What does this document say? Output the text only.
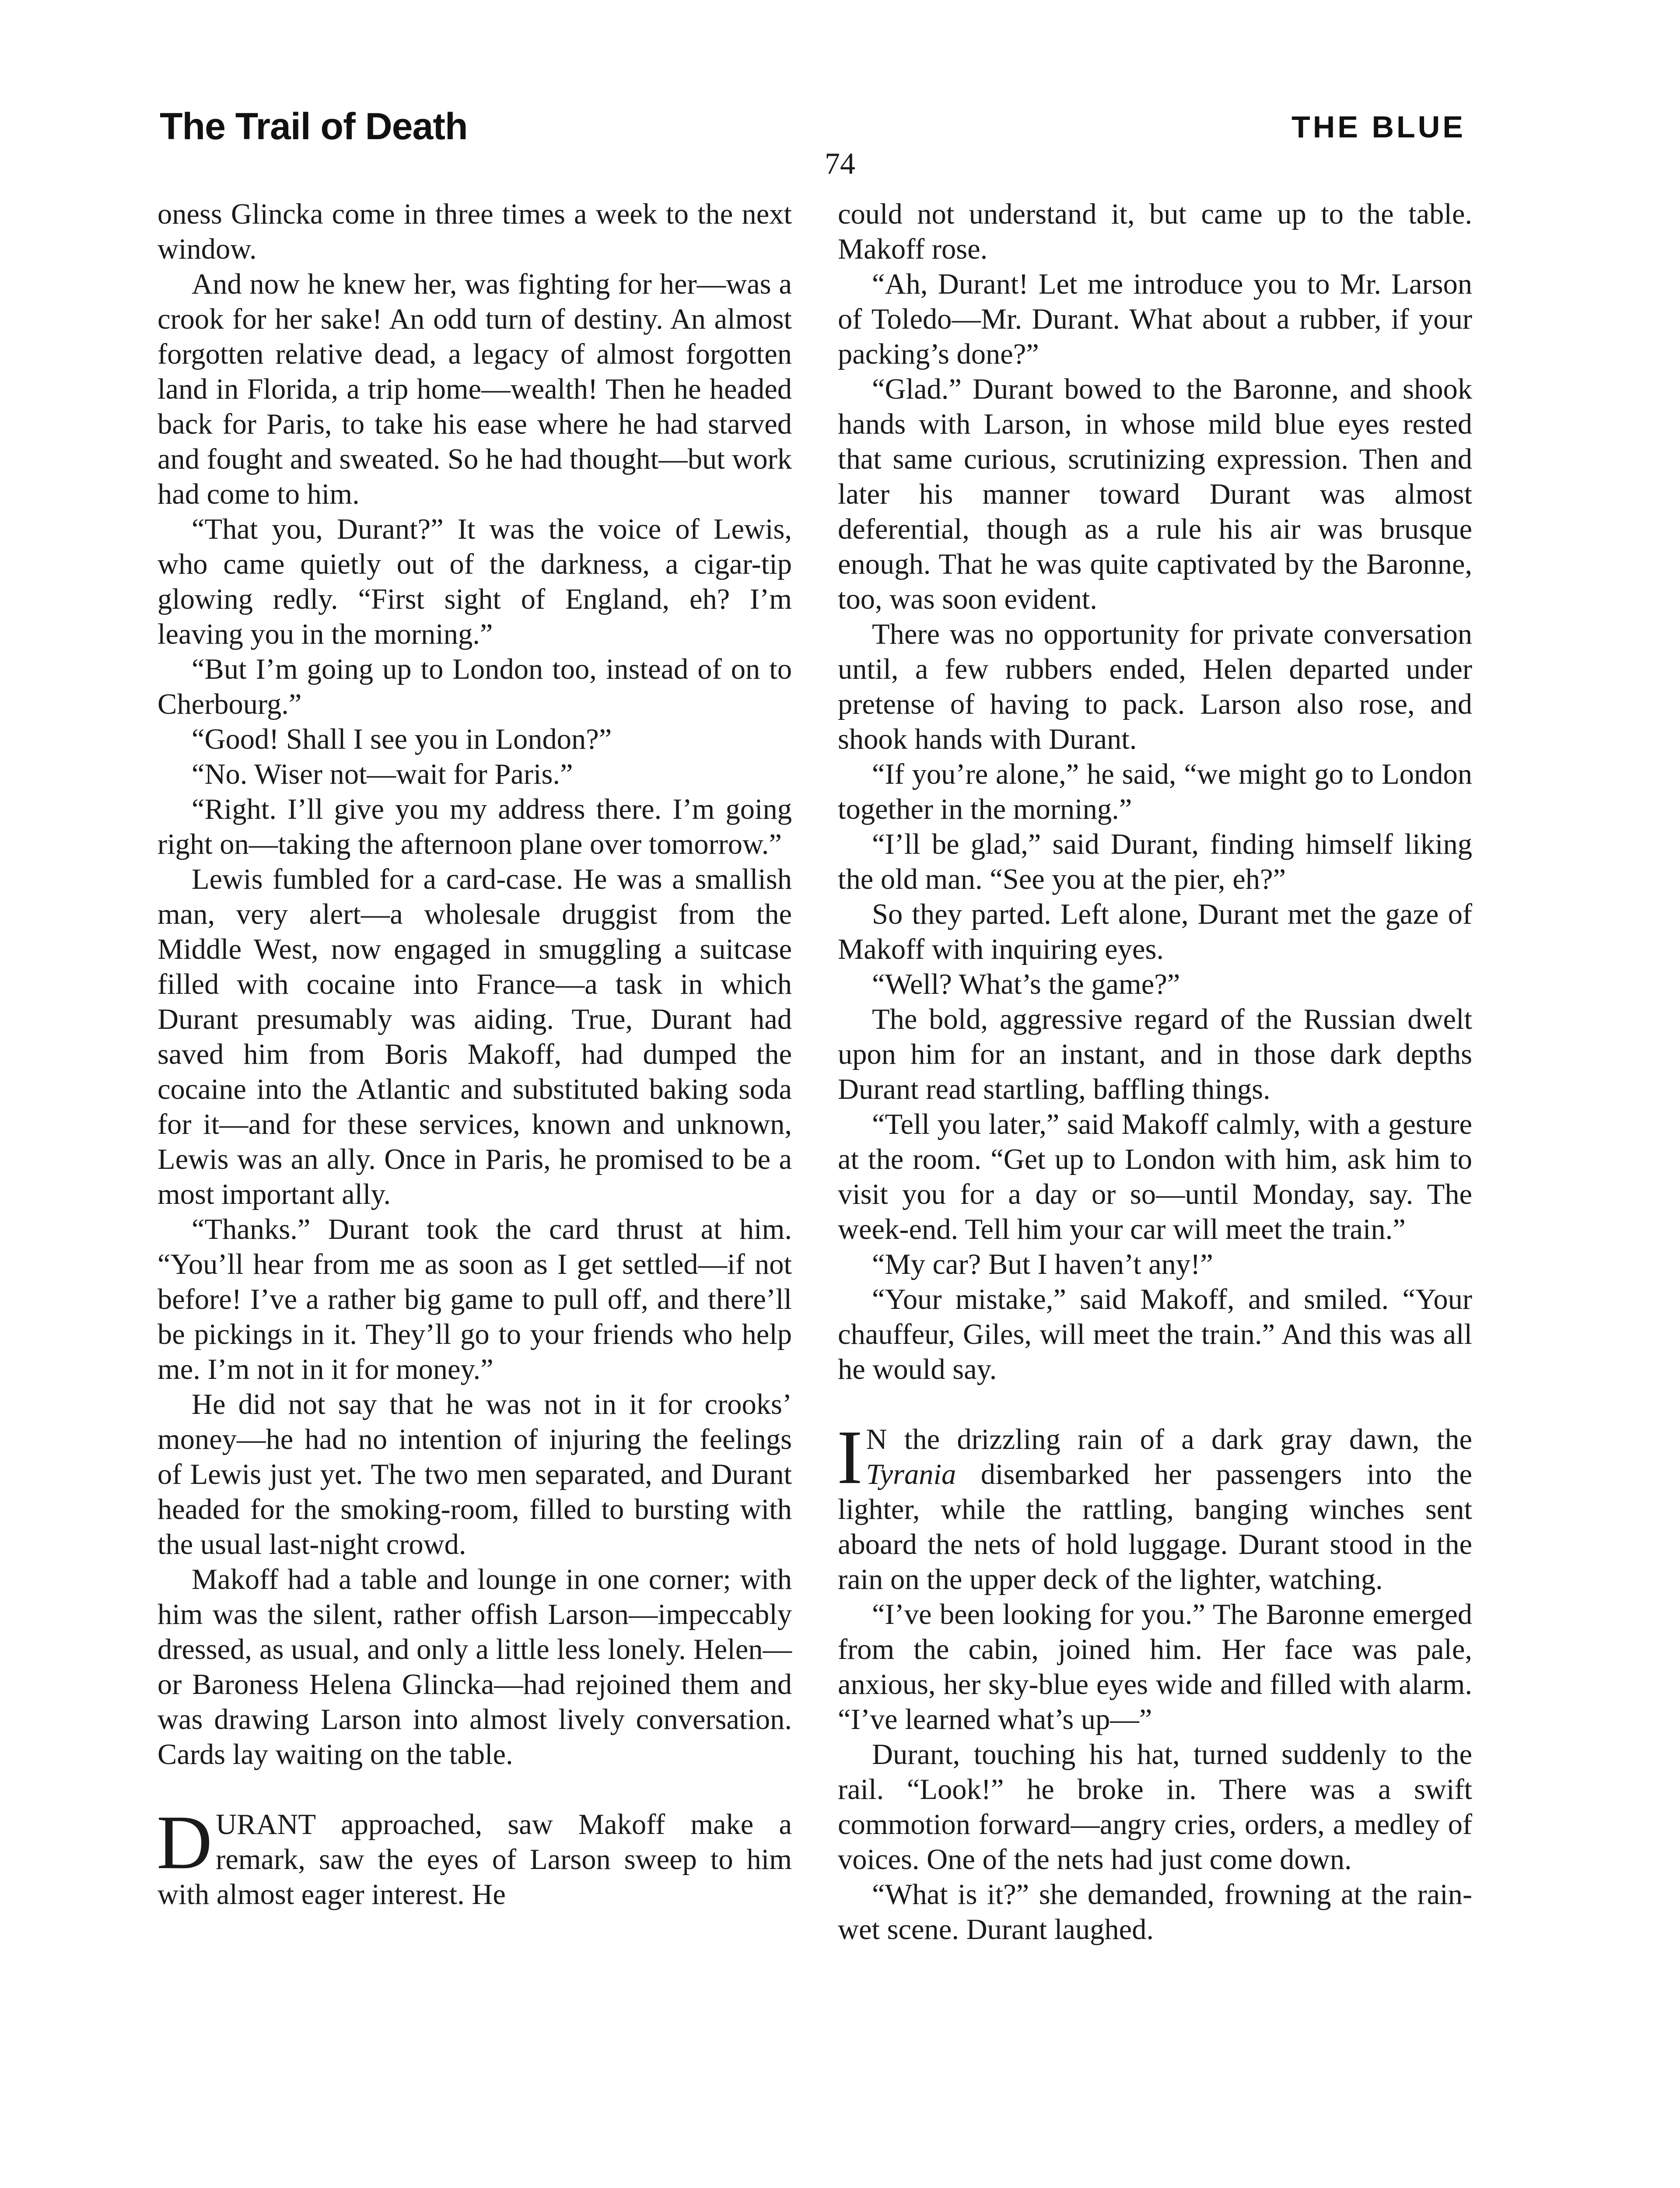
The Trail of Death	THE BLUE
74

oness Glincka come in three times a week to the next window.

And now he knew her, was fighting for her—was a crook for her sake! An odd turn of destiny. An almost forgotten relative dead, a legacy of almost forgotten land in Florida, a trip home—wealth! Then he headed back for Paris, to take his ease where he had starved and fought and sweated. So he had thought—but work had come to him.

“That you, Durant?” It was the voice of Lewis, who came quietly out of the darkness, a cigar-tip glowing redly. “First sight of England, eh? I’m leaving you in the morning.”

“But I’m going up to London too, instead of on to Cherbourg.”

“Good! Shall I see you in London?”

“No. Wiser not—wait for Paris.”

“Right. I’ll give you my address there. I’m going right on—taking the afternoon plane over tomorrow.”

Lewis fumbled for a card-case. He was a smallish man, very alert—a wholesale druggist from the Middle West, now engaged in smuggling a suitcase filled with cocaine into France—a task in which Durant presumably was aiding. True, Durant had saved him from Boris Makoff, had dumped the cocaine into the Atlantic and substituted baking soda for it—and for these services, known and unknown, Lewis was an ally. Once in Paris, he promised to be a most important ally.

“Thanks.” Durant took the card thrust at him. “You’ll hear from me as soon as I get settled—if not before! I’ve a rather big game to pull off, and there’ll be pickings in it. They’ll go to your friends who help me. I’m not in it for money.”

He did not say that he was not in it for crooks’ money—he had no intention of injuring the feelings of Lewis just yet. The two men separated, and Durant headed for the smoking-room, filled to bursting with the usual last-night crowd.

Makoff had a table and lounge in one corner; with him was the silent, rather offish Larson—impeccably dressed, as usual, and only a little less lonely. Helen—or Baroness Helena Glincka—had rejoined them and was drawing Larson into almost lively conversation. Cards lay waiting on the table.

DURANT approached, saw Makoff make a remark, saw the eyes of Larson sweep to him with almost eager interest. He

could not understand it, but came up to the table. Makoff rose.

“Ah, Durant! Let me introduce you to Mr. Larson of Toledo—Mr. Durant. What about a rubber, if your packing’s done?”

“Glad.” Durant bowed to the Baronne, and shook hands with Larson, in whose mild blue eyes rested that same curious, scrutinizing expression. Then and later his manner toward Durant was almost deferential, though as a rule his air was brusque enough. That he was quite captivated by the Baronne, too, was soon evident.

There was no opportunity for private conversation until, a few rubbers ended, Helen departed under pretense of having to pack. Larson also rose, and shook hands with Durant.

“If you’re alone,” he said, “we might go to London together in the morning.”

“I’ll be glad,” said Durant, finding himself liking the old man. “See you at the pier, eh?”

So they parted. Left alone, Durant met the gaze of Makoff with inquiring eyes.

“Well? What’s the game?”

The bold, aggressive regard of the Russian dwelt upon him for an instant, and in those dark depths Durant read startling, baffling things.

“Tell you later,” said Makoff calmly, with a gesture at the room. “Get up to London with him, ask him to visit you for a day or so—until Monday, say. The week-end. Tell him your car will meet the train.”

“My car? But I haven’t any!”

“Your mistake,” said Makoff, and smiled. “Your chauffeur, Giles, will meet the train.” And this was all he would say.

I N the drizzling rain of a dark gray dawn, the Tyrania disembarked her passengers into the lighter, while the rattling, banging winches sent aboard the nets of hold luggage. Durant stood in the rain on the upper deck of the lighter, watching.

“I’ve been looking for you.” The Baronne emerged from the cabin, joined him. Her face was pale, anxious, her sky-blue eyes wide and filled with alarm. “I’ve learned what’s up—”

Durant, touching his hat, turned suddenly to the rail. “Look!” he broke in. There was a swift commotion forward—angry cries, orders, a medley of voices. One of the nets had just come down.

“What is it?” she demanded, frowning at the rain-wet scene. Durant laughed.
